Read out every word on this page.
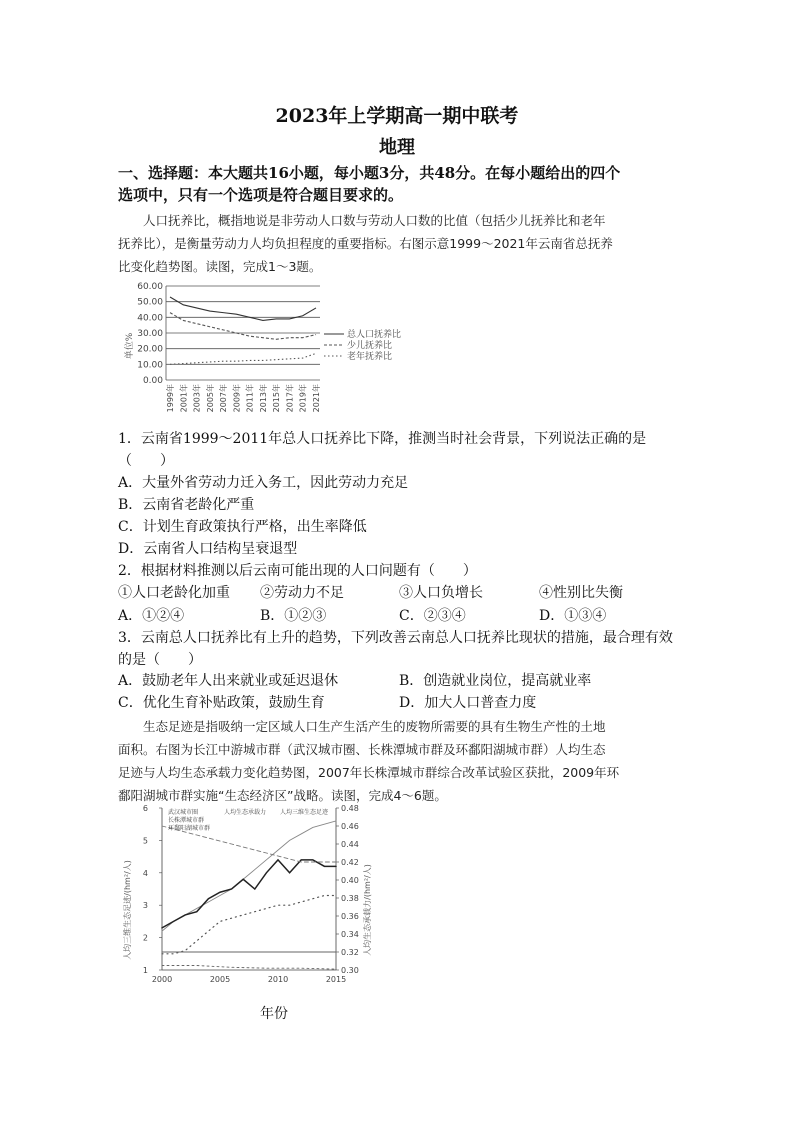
2023年上学期高一期中联考
地理
一、选择题：本大题共16小题，每小题3分，共48分。在每小题给出的四个
选项中，只有一个选项是符合题目要求的。
人口抚养比，概指地说是非劳动人口数与劳动人口数的比值（包括少儿抚养比和老年
抚养比），是衡量劳动力人均负担程度的重要指标。右图示意1999～2021年云南省总抚养
比变化趋势图。读图，完成1～3题。
单位%
0.00
10.00
20.00
30.00
40.00
50.00
60.00
1999年 2001年 2003年 2005年 2007年 2009年 2011年 2013年 2015年 2017年 2019年 2021年
总人口抚养比
少儿抚养比
老年抚养比
1．云南省1999～2011年总人口抚养比下降，推测当时社会背景，下列说法正确的是
（　　）
A．大量外省劳动力迁入务工，因此劳动力充足
B．云南省老龄化严重
C．计划生育政策执行严格，出生率降低
D．云南省人口结构呈衰退型
2．根据材料推测以后云南可能出现的人口问题有（　　）
①人口老龄化加重 ②劳动力不足	③人口负增长	④性别比失衡
A．①②④	B．①②③	C．②③④	D．①③④
3．云南总人口抚养比有上升的趋势，下列改善云南总人口抚养比现状的措施，最合理有效
的是（　　）
A．鼓励老年人出来就业或延迟退休	B．创造就业岗位，提高就业率
C．优化生育补贴政策，鼓励生育	D．加大人口普查力度
生态足迹是指吸纳一定区域人口生产生活产生的废物所需要的具有生物生产性的土地
面积。右图为长江中游城市群（武汉城市圈、长株潭城市群及环鄱阳湖城市群）人均生态
足迹与人均生态承载力变化趋势图，2007年长株潭城市群综合改革试验区获批，2009年环
鄱阳湖城市群实施“生态经济区”战略。读图，完成4～6题。
人均三维生态足迹/(hm²/人)	人均生态承载力/(hm²/人)
1
2
3
4
5
6
0.30
0.32
0.34
0.36
0.38
0.40
0.42
0.44
0.46
0.48
2000	2005	2010	2015
武汉城市圈
长株潭城市群
环鄱阳湖城市群
人均生态承载力 人均三维生态足迹
年份
